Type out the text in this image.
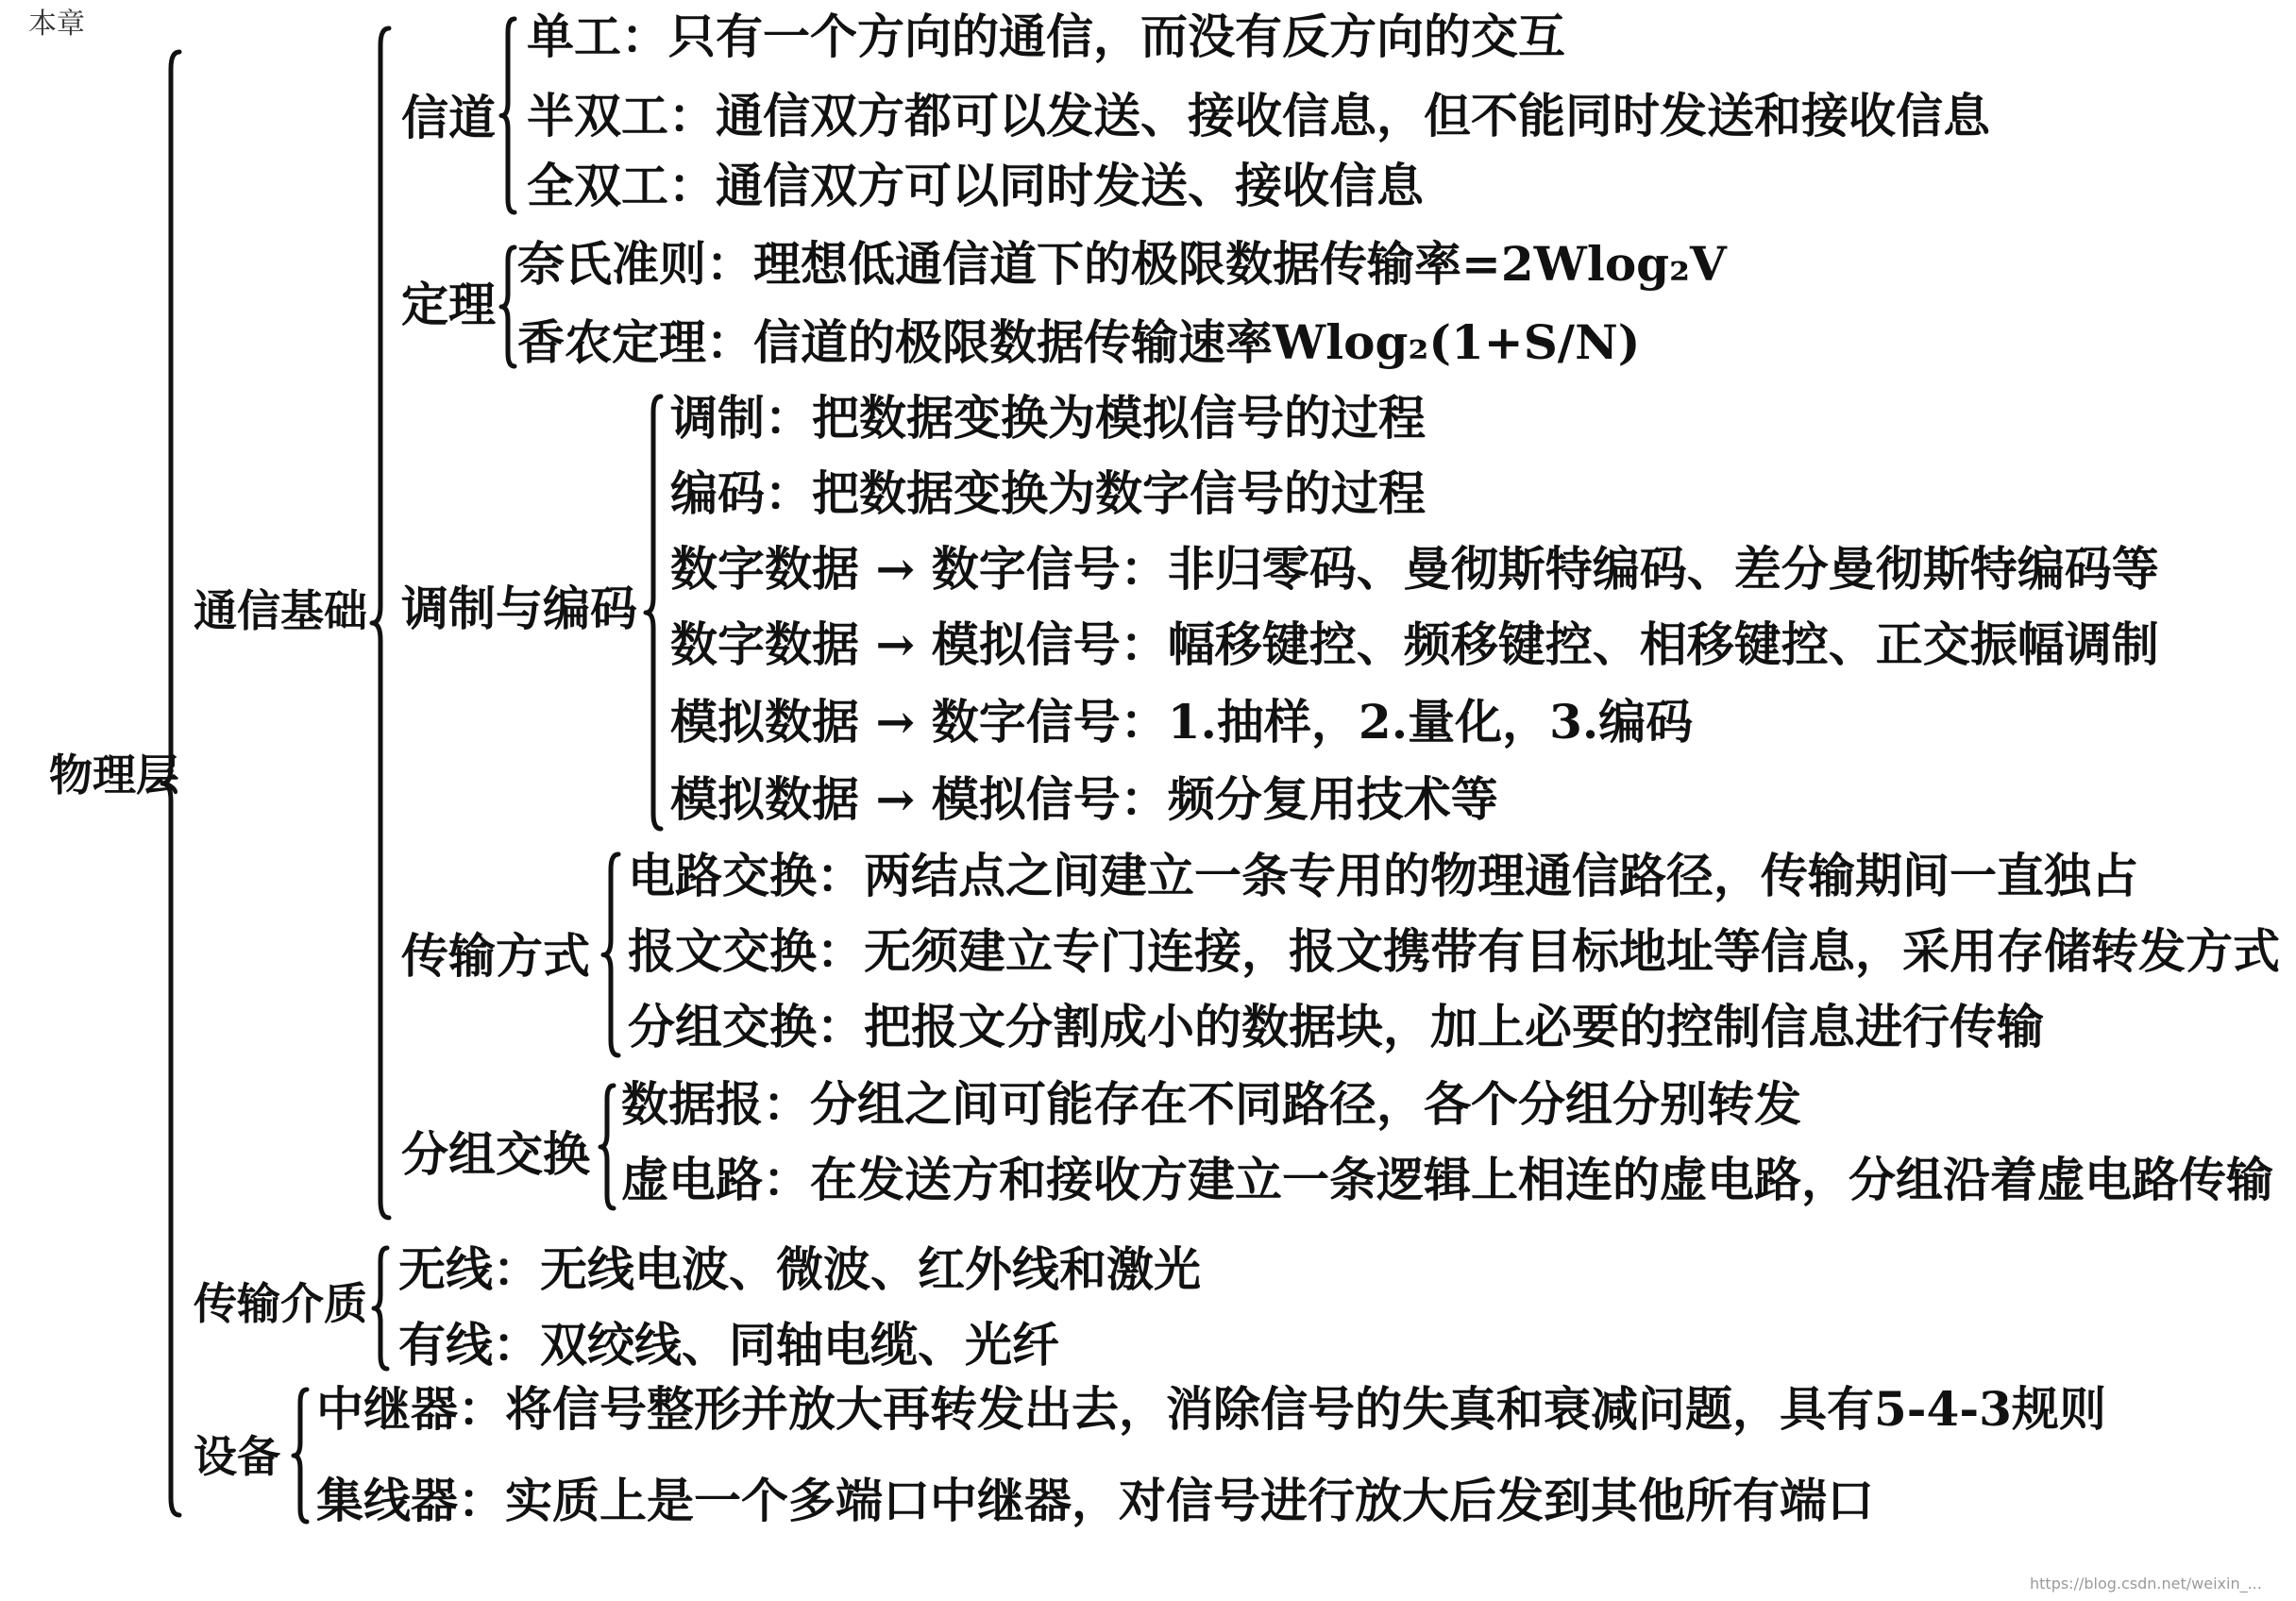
本章
物理层
通信基础
信道
单工：只有一个方向的通信，而没有反方向的交互
半双工：通信双方都可以发送、接收信息，但不能同时发送和接收信息
全双工：通信双方可以同时发送、接收信息
定理
奈氏准则：理想低通信道下的极限数据传输率=2Wlog₂V
香农定理：信道的极限数据传输速率Wlog₂(1+S/N)
调制与编码
调制：把数据变换为模拟信号的过程
编码：把数据变换为数字信号的过程
数字数据 → 数字信号：非归零码、曼彻斯特编码、差分曼彻斯特编码等
数字数据 → 模拟信号：幅移键控、频移键控、相移键控、正交振幅调制
模拟数据 → 数字信号：1.抽样，2.量化，3.编码
模拟数据 → 模拟信号：频分复用技术等
传输方式
电路交换：两结点之间建立一条专用的物理通信路径，传输期间一直独占
报文交换：无须建立专门连接，报文携带有目标地址等信息，采用存储转发方式
分组交换：把报文分割成小的数据块，加上必要的控制信息进行传输
分组交换
数据报：分组之间可能存在不同路径，各个分组分别转发
虚电路：在发送方和接收方建立一条逻辑上相连的虚电路，分组沿着虚电路传输
传输介质
无线：无线电波、微波、红外线和激光
有线：双绞线、同轴电缆、光纤
设备
中继器：将信号整形并放大再转发出去，消除信号的失真和衰减问题，具有5-4-3规则
集线器：实质上是一个多端口中继器，对信号进行放大后发到其他所有端口
https://blog.csdn.net/weixin_...
